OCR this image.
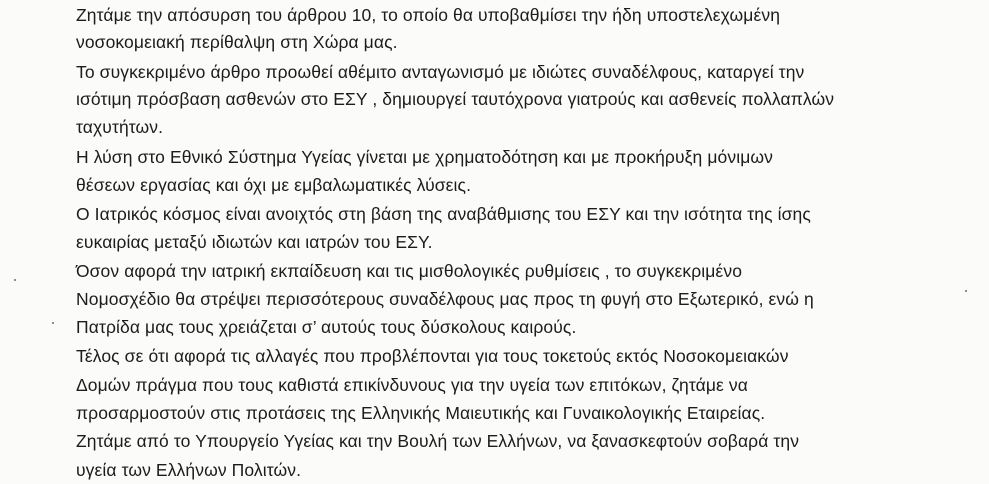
Ζητάμε την απόσυρση του άρθρου 10, το οποίο θα υποβαθμίσει την ήδη υποστελεχωμένη
νοσοκομειακή περίθαλψη στη Χώρα μας.
Το συγκεκριμένο άρθρο προωθεί αθέμιτο ανταγωνισμό με ιδιώτες συναδέλφους, καταργεί την
ισότιμη πρόσβαση ασθενών στο ΕΣΥ , δημιουργεί ταυτόχρονα γιατρούς και ασθενείς πολλαπλών
ταχυτήτων.
Η λύση στο Εθνικό Σύστημα Υγείας γίνεται με χρηματοδότηση και με προκήρυξη μόνιμων
θέσεων εργασίας και όχι με εμβαλωματικές λύσεις.
Ο Ιατρικός κόσμος είναι ανοιχτός στη βάση της αναβάθμισης του ΕΣΥ και την ισότητα της ίσης
ευκαιρίας μεταξύ ιδιωτών και ιατρών του ΕΣΥ.
Όσον αφορά την ιατρική εκπαίδευση και τις μισθολογικές ρυθμίσεις , το συγκεκριμένο
Νομοσχέδιο θα στρέψει περισσότερους συναδέλφους μας προς τη φυγή στο Εξωτερικό, ενώ η
Πατρίδα μας τους χρειάζεται σ’ αυτούς τους δύσκολους καιρούς.
Τέλος σε ότι αφορά τις αλλαγές που προβλέπονται για τους τοκετούς εκτός Νοσοκομειακών
Δομών πράγμα που τους καθιστά επικίνδυνους για την υγεία των επιτόκων, ζητάμε να
προσαρμοστούν στις προτάσεις της Ελληνικής Μαιευτικής και Γυναικολογικής Εταιρείας.
Ζητάμε από το Υπουργείο Υγείας και την Βουλή των Ελλήνων, να ξανασκεφτούν σοβαρά την
υγεία των Ελλήνων Πολιτών.
